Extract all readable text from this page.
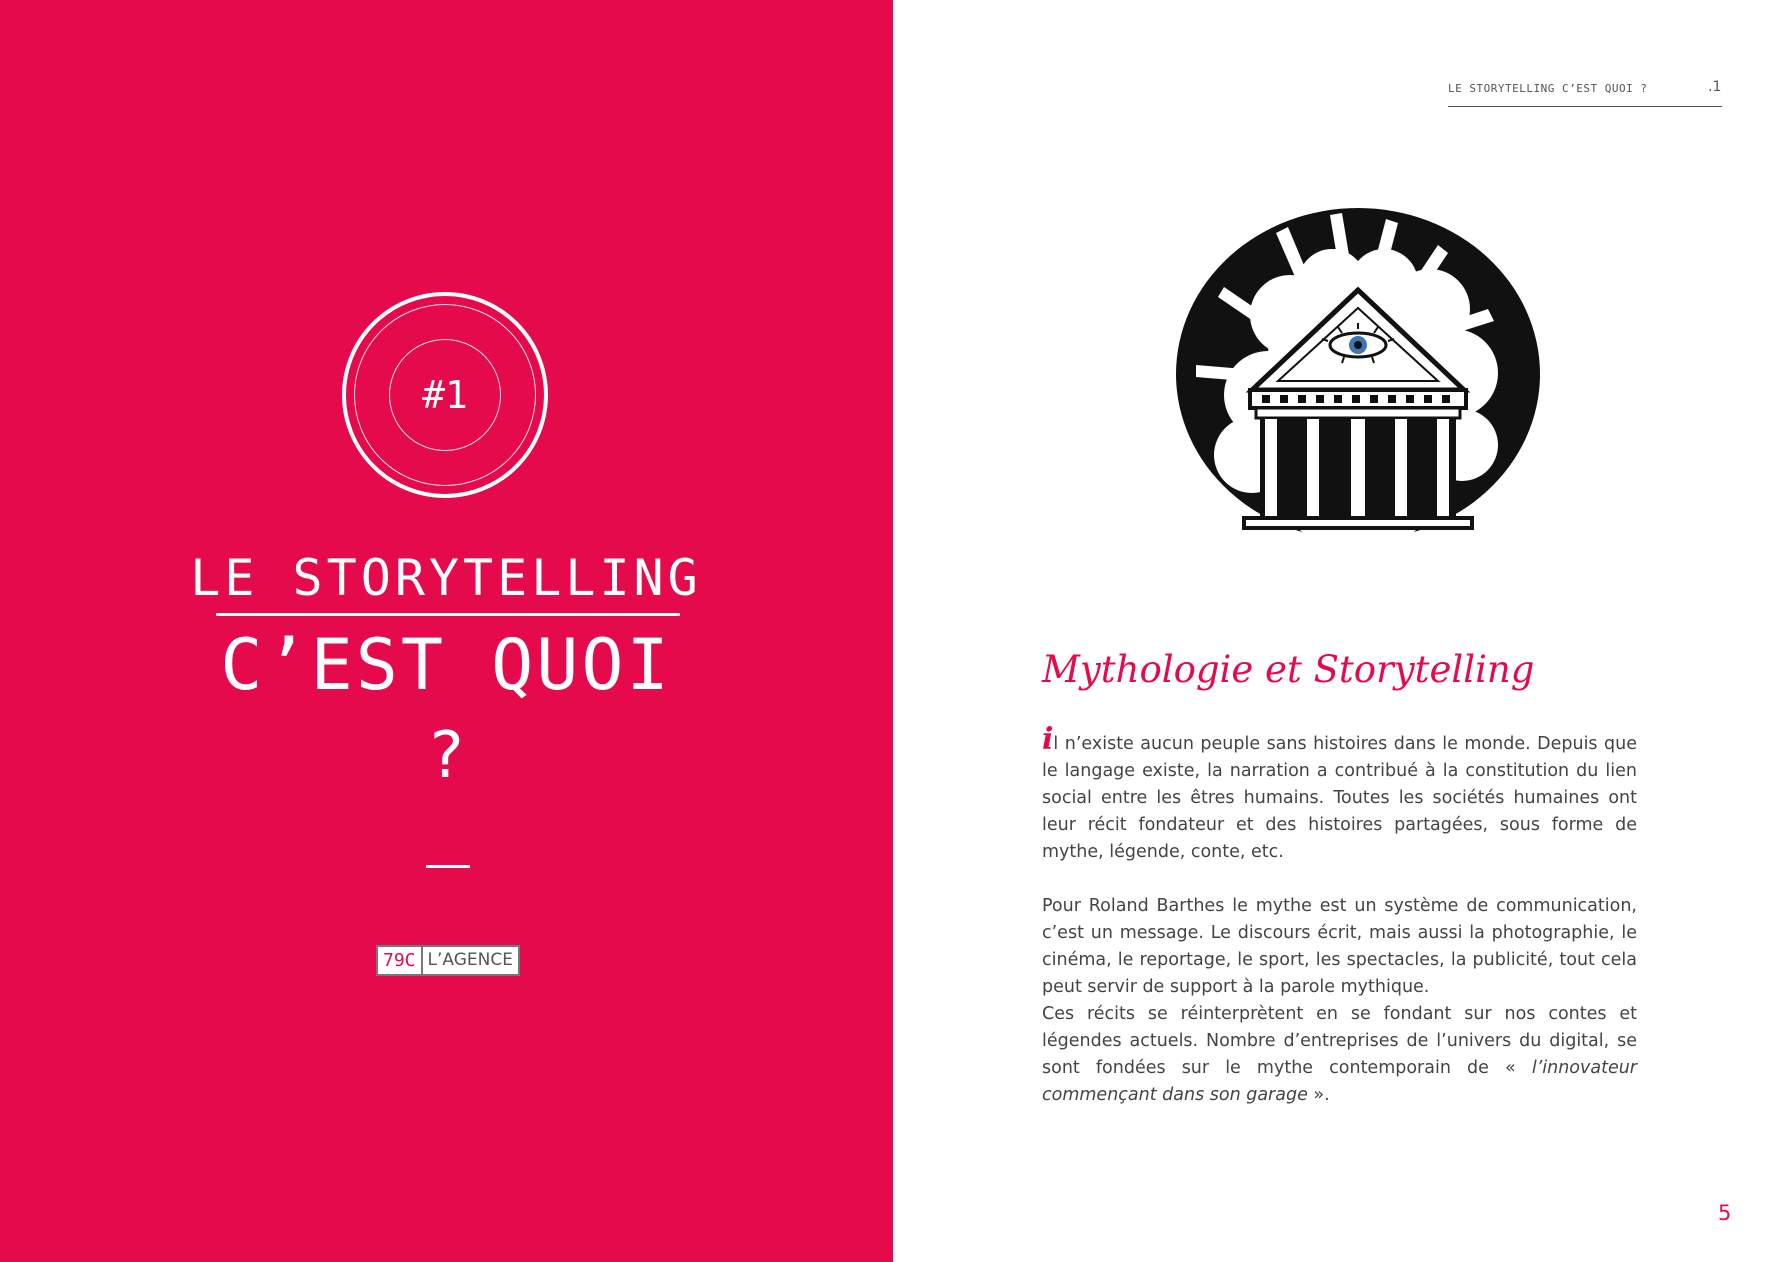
#1
LE STORYTELLING
C’EST QUOI
?
79C L’AGENCE
LE STORYTELLING C’EST QUOI ?	.1
Mythologie et Storytelling

il n’existe aucun peuple sans histoires dans le monde. Depuis que le langage existe, la narration a contribué à la constitution du lien social entre les êtres humains. Toutes les sociétés humaines ont leur récit fondateur et des histoires partagées, sous forme de mythe, légende, conte, etc.

Pour Roland Barthes le mythe est un système de communication, c’est un message. Le discours écrit, mais aussi la photographie, le cinéma, le reportage, le sport, les spectacles, la publicité, tout cela peut servir de support à la parole mythique.

Ces récits se réinterprètent en se fondant sur nos contes et légendes actuels. Nombre d’entreprises de l’univers du digital, se sont fondées sur le mythe contemporain de « l’innovateur commençant dans son garage ».

5
